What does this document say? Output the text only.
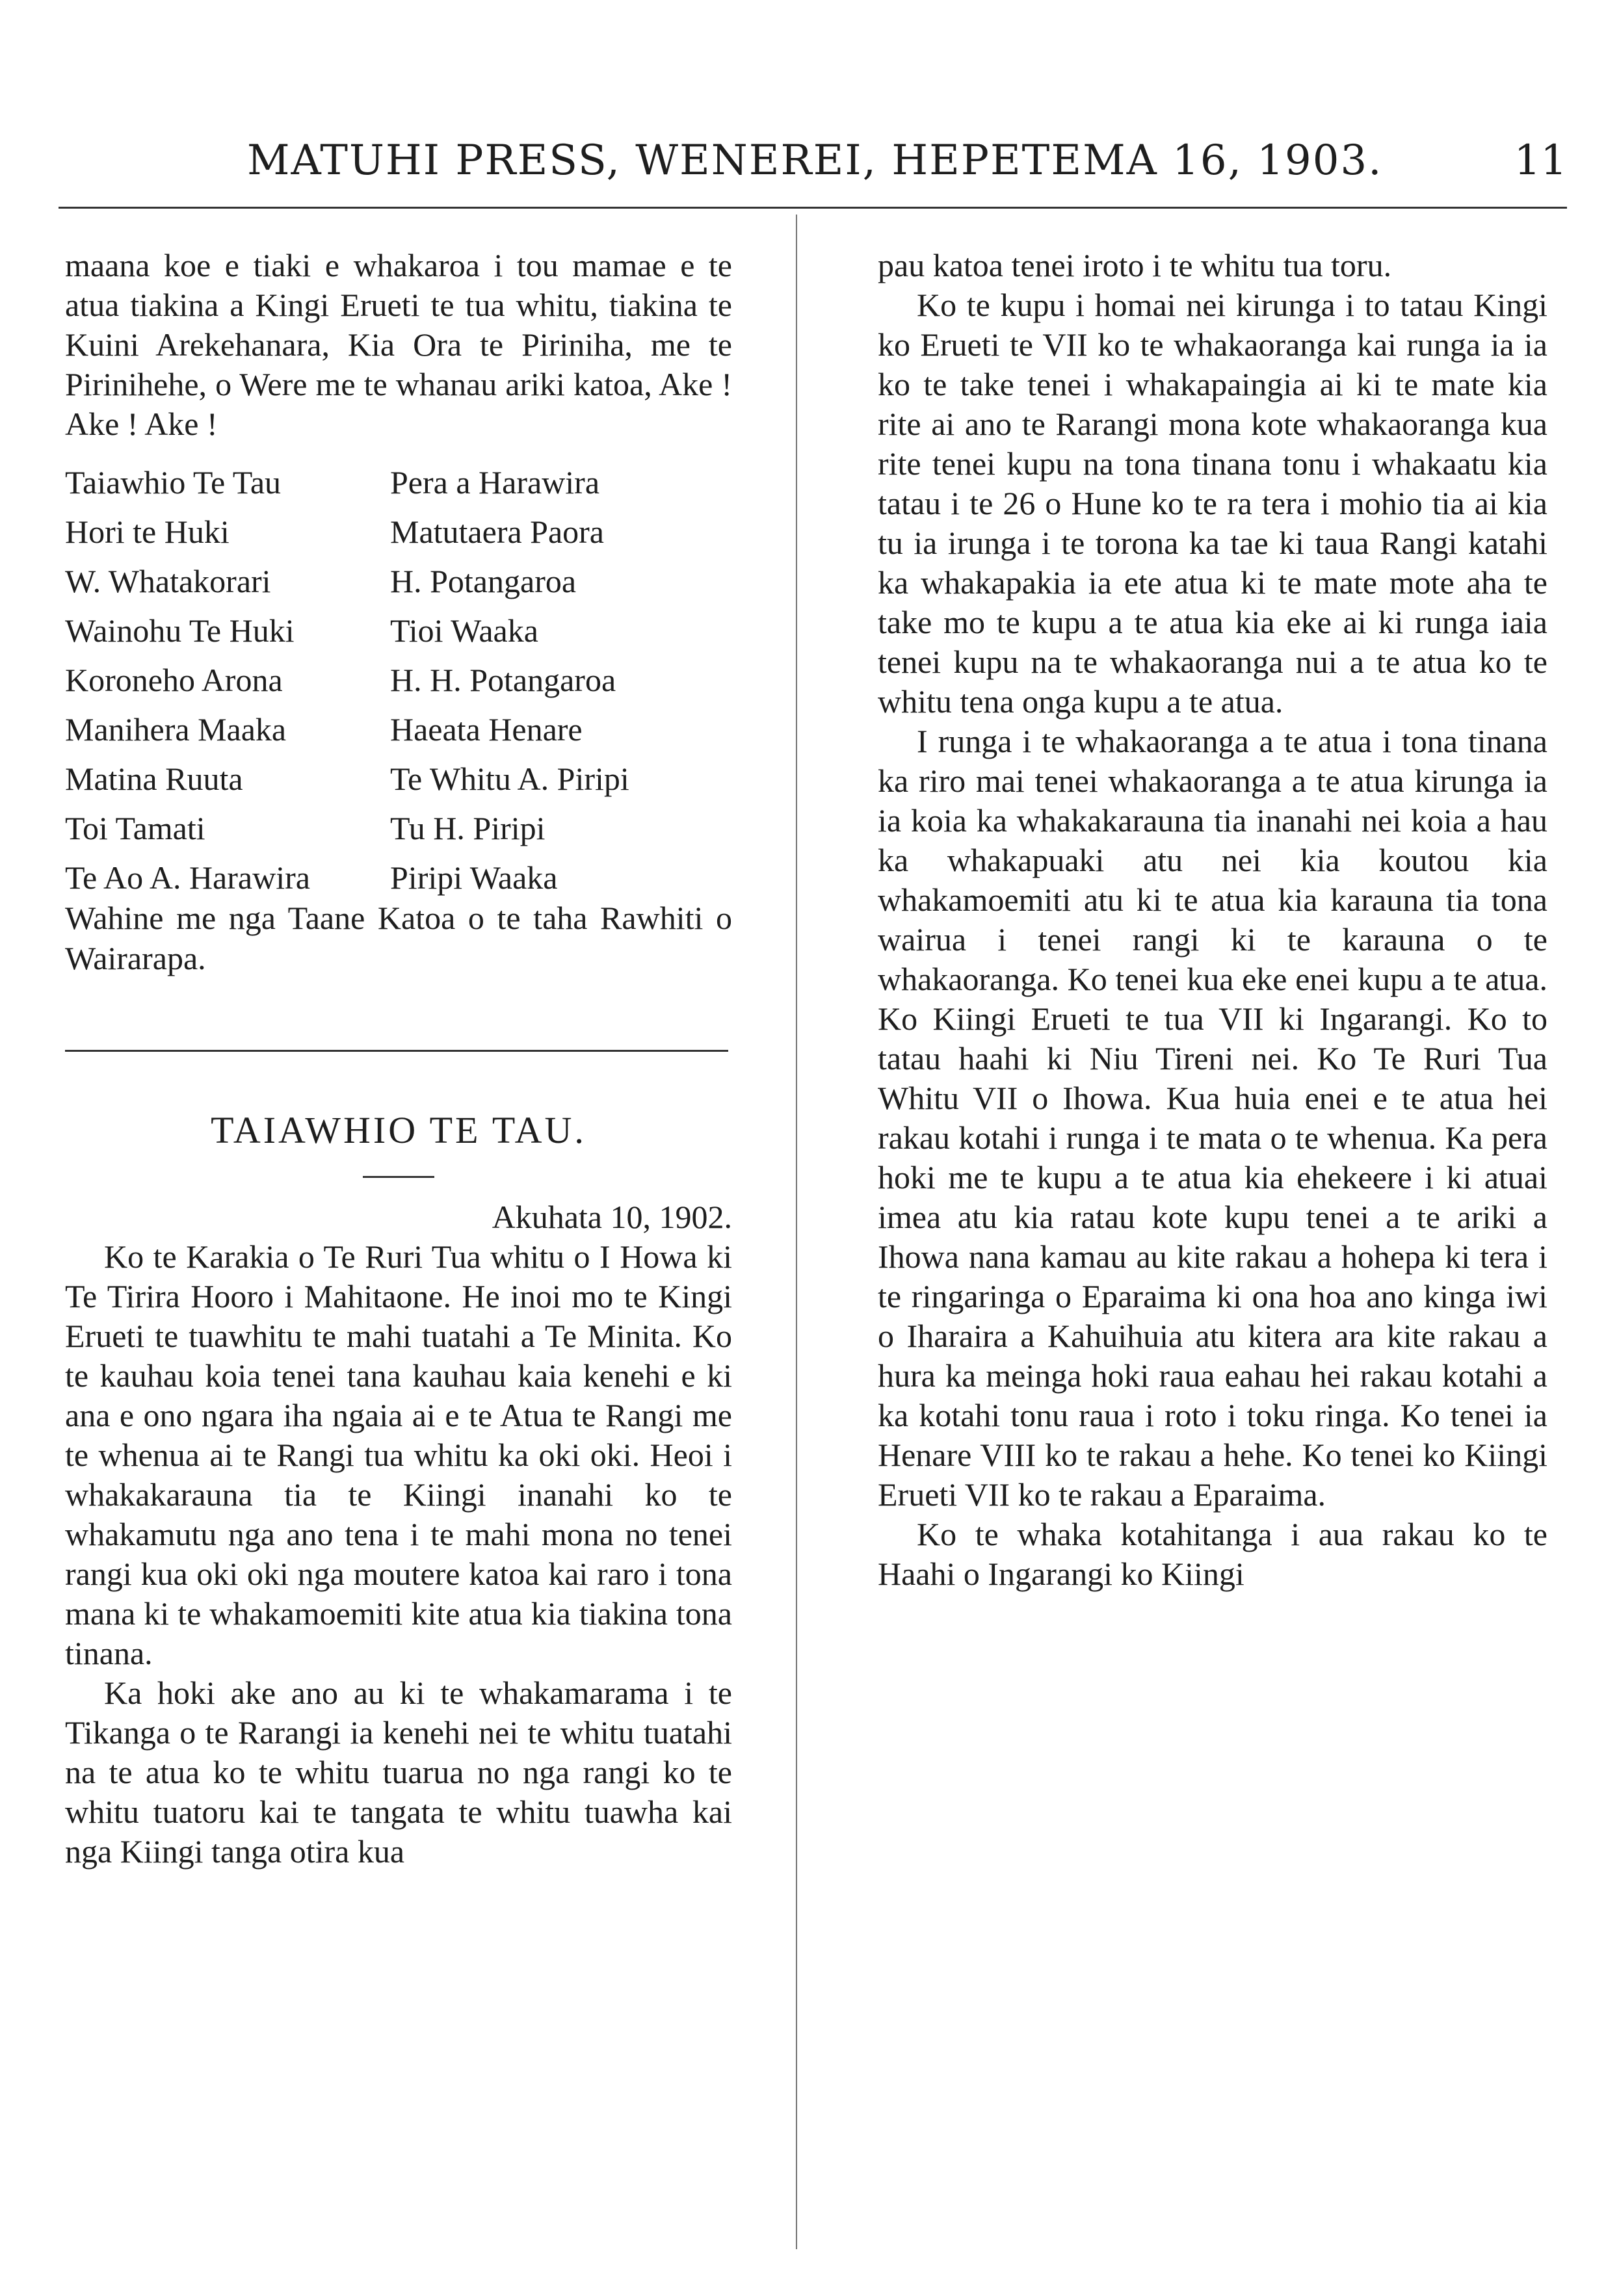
MATUHI PRESS, WENEREI, HEPETEMA 16, 1903.	11

maana koe e tiaki e whakaroa i tou mamae e te atua tiakina a Kingi Erueti te tua whitu, tiakina te Kuini Arekehanara, Kia Ora te Piriniha, me te Pirinihehe, o Were me te whanau ariki katoa, Ake ! Ake ! Ake !

Taiawhio Te Tau	Pera a Harawira
Hori te Huki	Matutaera Paora
W. Whatakorari	H. Potangaroa
Wainohu Te Huki	Tioi Waaka
Koroneho Arona	H. H. Potangaroa
Manihera Maaka	Haeata Henare
Matina Ruuta	Te Whitu A. Piripi
Toi Tamati	Tu H. Piripi
Te Ao A. Harawira	Piripi Waaka

Wahine me nga Taane Katoa o te taha Rawhiti o Wairarapa.

TAIAWHIO TE TAU.

Akuhata 10, 1902.

Ko te Karakia o Te Ruri Tua whitu o I Howa ki Te Tirira Hooro i Mahitaone. He inoi mo te Kingi Erueti te tuawhitu te mahi tuatahi a Te Minita. Ko te kauhau koia tenei tana kauhau kaia kenehi e ki ana e ono ngara iha ngaia ai e te Atua te Rangi me te whenua ai te Rangi tua whitu ka oki oki. Heoi i whakakarauna tia te Kiingi inanahi ko te whakamutu nga ano tena i te mahi mona no tenei rangi kua oki oki nga moutere katoa kai raro i tona mana ki te whakamoemiti kite atua kia tiakina tona tinana.

Ka hoki ake ano au ki te whakamarama i te Tikanga o te Rarangi ia kenehi nei te whitu tuatahi na te atua ko te whitu tuarua no nga rangi ko te whitu tuatoru kai te tangata te whitu tuawha kai nga Kiingi tanga otira kua

pau katoa tenei iroto i te whitu tua toru.

Ko te kupu i homai nei kirunga i to tatau Kingi ko Erueti te VII ko te whakaoranga kai runga ia ia ko te take tenei i whakapaingia ai ki te mate kia rite ai ano te Rarangi mona kote whakaoranga kua rite tenei kupu na tona tinana tonu i whakaatu kia tatau i te 26 o Hune ko te ra tera i mohio tia ai kia tu ia irunga i te torona ka tae ki taua Rangi katahi ka whakapakia ia ete atua ki te mate mote aha te take mo te kupu a te atua kia eke ai ki runga iaia tenei kupu na te whakaoranga nui a te atua ko te whitu tena onga kupu a te atua.

I runga i te whakaoranga a te atua i tona tinana ka riro mai tenei whakaoranga a te atua kirunga ia ia koia ka whakakarauna tia inanahi nei koia a hau ka whakapuaki atu nei kia koutou kia whakamoemiti atu ki te atua kia karauna tia tona wairua i tenei rangi ki te karauna o te whakaoranga. Ko tenei kua eke enei kupu a te atua. Ko Kiingi Erueti te tua VII ki Ingarangi. Ko to tatau haahi ki Niu Tireni nei. Ko Te Ruri Tua Whitu VII o Ihowa. Kua huia enei e te atua hei rakau kotahi i runga i te mata o te whenua. Ka pera hoki me te kupu a te atua kia ehekeere i ki atuai imea atu kia ratau kote kupu tenei a te ariki a Ihowa nana kamau au kite rakau a hohepa ki tera i te ringaringa o Eparaima ki ona hoa ano kinga iwi o Iharaira a Kahuihuia atu kitera ara kite rakau a hura ka meinga hoki raua eahau hei rakau kotahi a ka kotahi tonu raua i roto i toku ringa. Ko tenei ia Henare VIII ko te rakau a hehe. Ko tenei ko Kiingi Erueti VII ko te rakau a Eparaima.

Ko te whaka kotahitanga i aua rakau ko te Haahi o Ingarangi ko Kiingi
